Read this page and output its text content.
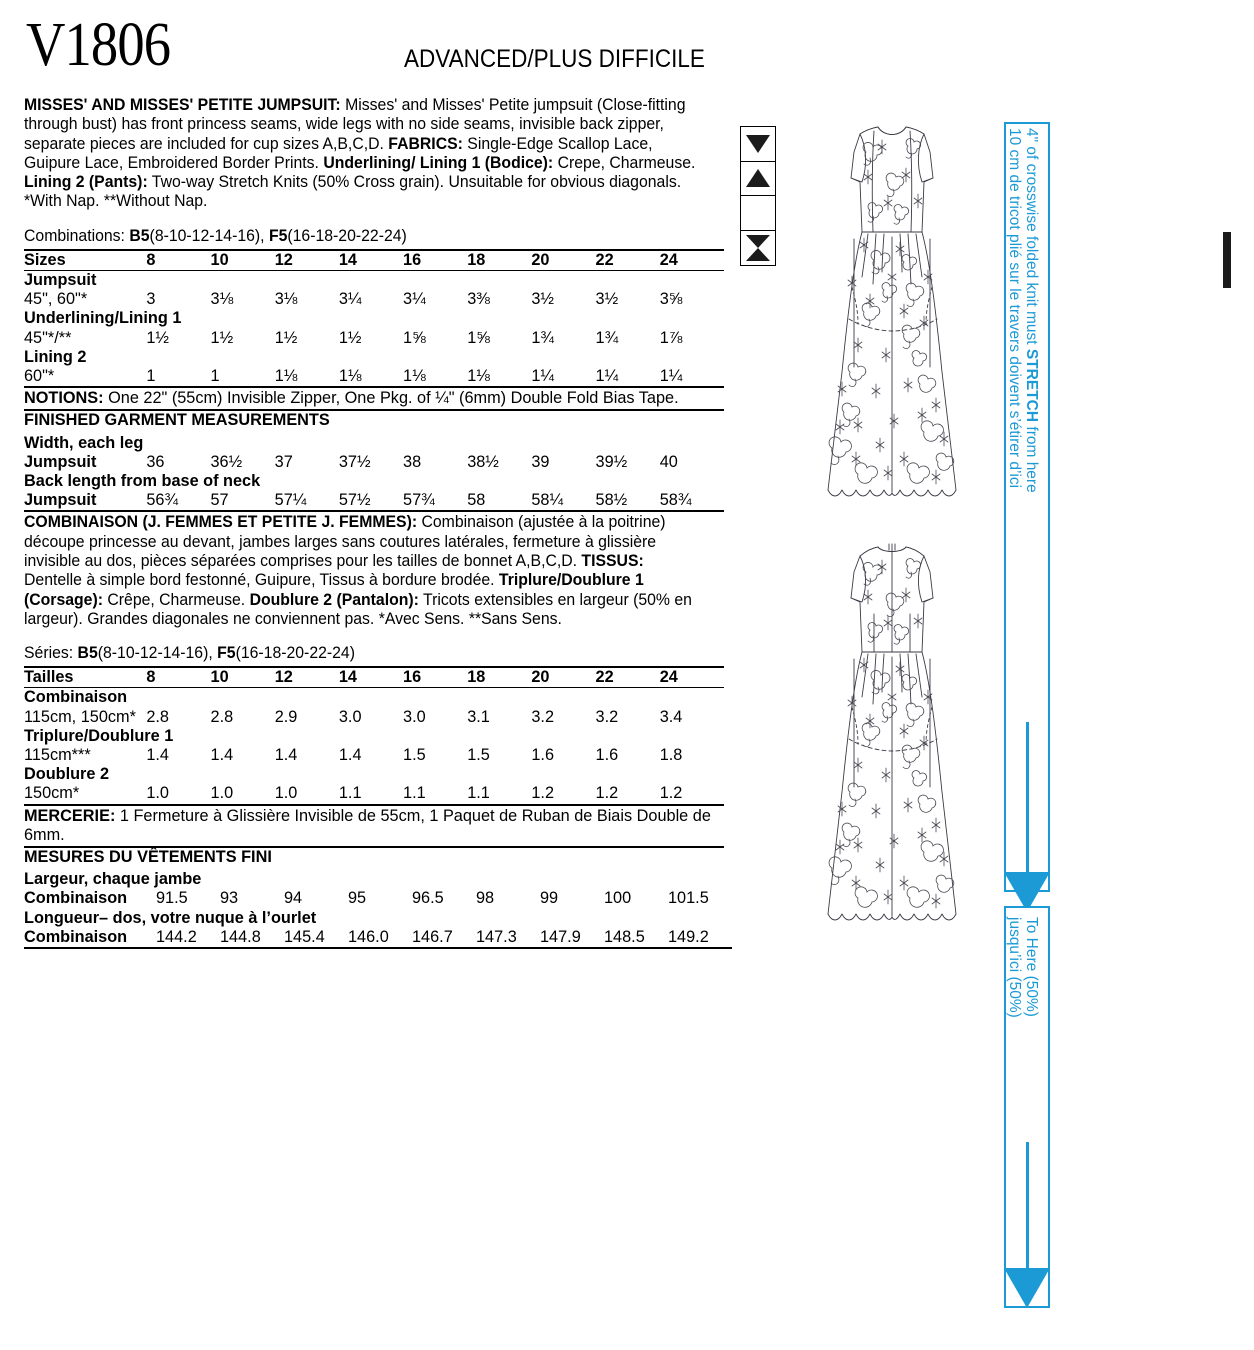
V1806	ADVANCED/PLUS DIFFICILE

MISSES' AND MISSES' PETITE JUMPSUIT: Misses' and Misses' Petite jumpsuit (Close-fitting through bust) has front princess seams, wide legs with no side seams, invisible back zipper, separate pieces are included for cup sizes A,B,C,D. FABRICS: Single-Edge Scallop Lace, Guipure Lace, Embroidered Border Prints. Underlining/ Lining 1 (Bodice): Crepe, Charmeuse. Lining 2 (Pants): Two-way Stretch Knits (50% Cross grain). Unsuitable for obvious diagonals. *With Nap. **Without Nap.

Combinations: B5(8-10-12-14-16), F5(16-18-20-22-24)
Sizes	8	10	12	14	16	18	20	22	24
Jumpsuit									
45", 60"*	3	3⅛	3⅛	3¼	3¼	3⅜	3½	3½	3⅝
Underlining/Lining 1									
45"*/**	1½	1½	1½	1½	1⅝	1⅝	1¾	1¾	1⅞
Lining 2									
60"*	1	1	1⅛	1⅛	1⅛	1⅛	1¼	1¼	1¼
NOTIONS: One 22" (55cm) Invisible Zipper, One Pkg. of ¼" (6mm) Double Fold Bias Tape.
FINISHED GARMENT MEASUREMENTS
Width, each leg									
Jumpsuit	36	36½	37	37½	38	38½	39	39½	40
Back length from base of neck									
Jumpsuit	56¾	57	57¼	57½	57¾	58	58¼	58½	58¾

COMBINAISON (J. FEMMES ET PETITE J. FEMMES): Combinaison (ajustée à la poitrine) découpe princesse au devant, jambes larges sans coutures latérales, fermeture à glissière invisible au dos, pièces séparées comprises pour les tailles de bonnet A,B,C,D. TISSUS: Dentelle à simple bord festonné, Guipure, Tissus à bordure brodée. Triplure/Doublure 1 (Corsage): Crêpe, Charmeuse. Doublure 2 (Pantalon): Tricots extensibles en largeur (50% en largeur). Grandes diagonales ne conviennent pas. *Avec Sens. **Sans Sens.

Séries: B5(8-10-12-14-16), F5(16-18-20-22-24)
Tailles	8	10	12	14	16	18	20	22	24
Combinaison									
115cm, 150cm*	2.8	2.8	2.9	3.0	3.0	3.1	3.2	3.2	3.4
Triplure/Doublure 1									
115cm***	1.4	1.4	1.4	1.4	1.5	1.5	1.6	1.6	1.8
Doublure 2									
150cm*	1.0	1.0	1.0	1.1	1.1	1.1	1.2	1.2	1.2
MERCERIE: 1 Fermeture à Glissière Invisible de 55cm, 1 Paquet de Ruban de Biais Double de 6mm.
MESURES DU VÊTEMENTS FINI
Largeur, chaque jambe									
Combinaison	91.5	93	94	95	96.5	98	99	100	101.5
Longueur– dos, votre nuque à l’ourlet									
Combinaison	144.2	144.8	145.4	146.0	146.7	147.3	147.9	148.5	149.2
4" of crosswise folded knit must STRETCH from here
10 cm de tricot plié sur le travers doivent s’étirer d’ici
To Here (50%)
jusqu’ici (50%)
